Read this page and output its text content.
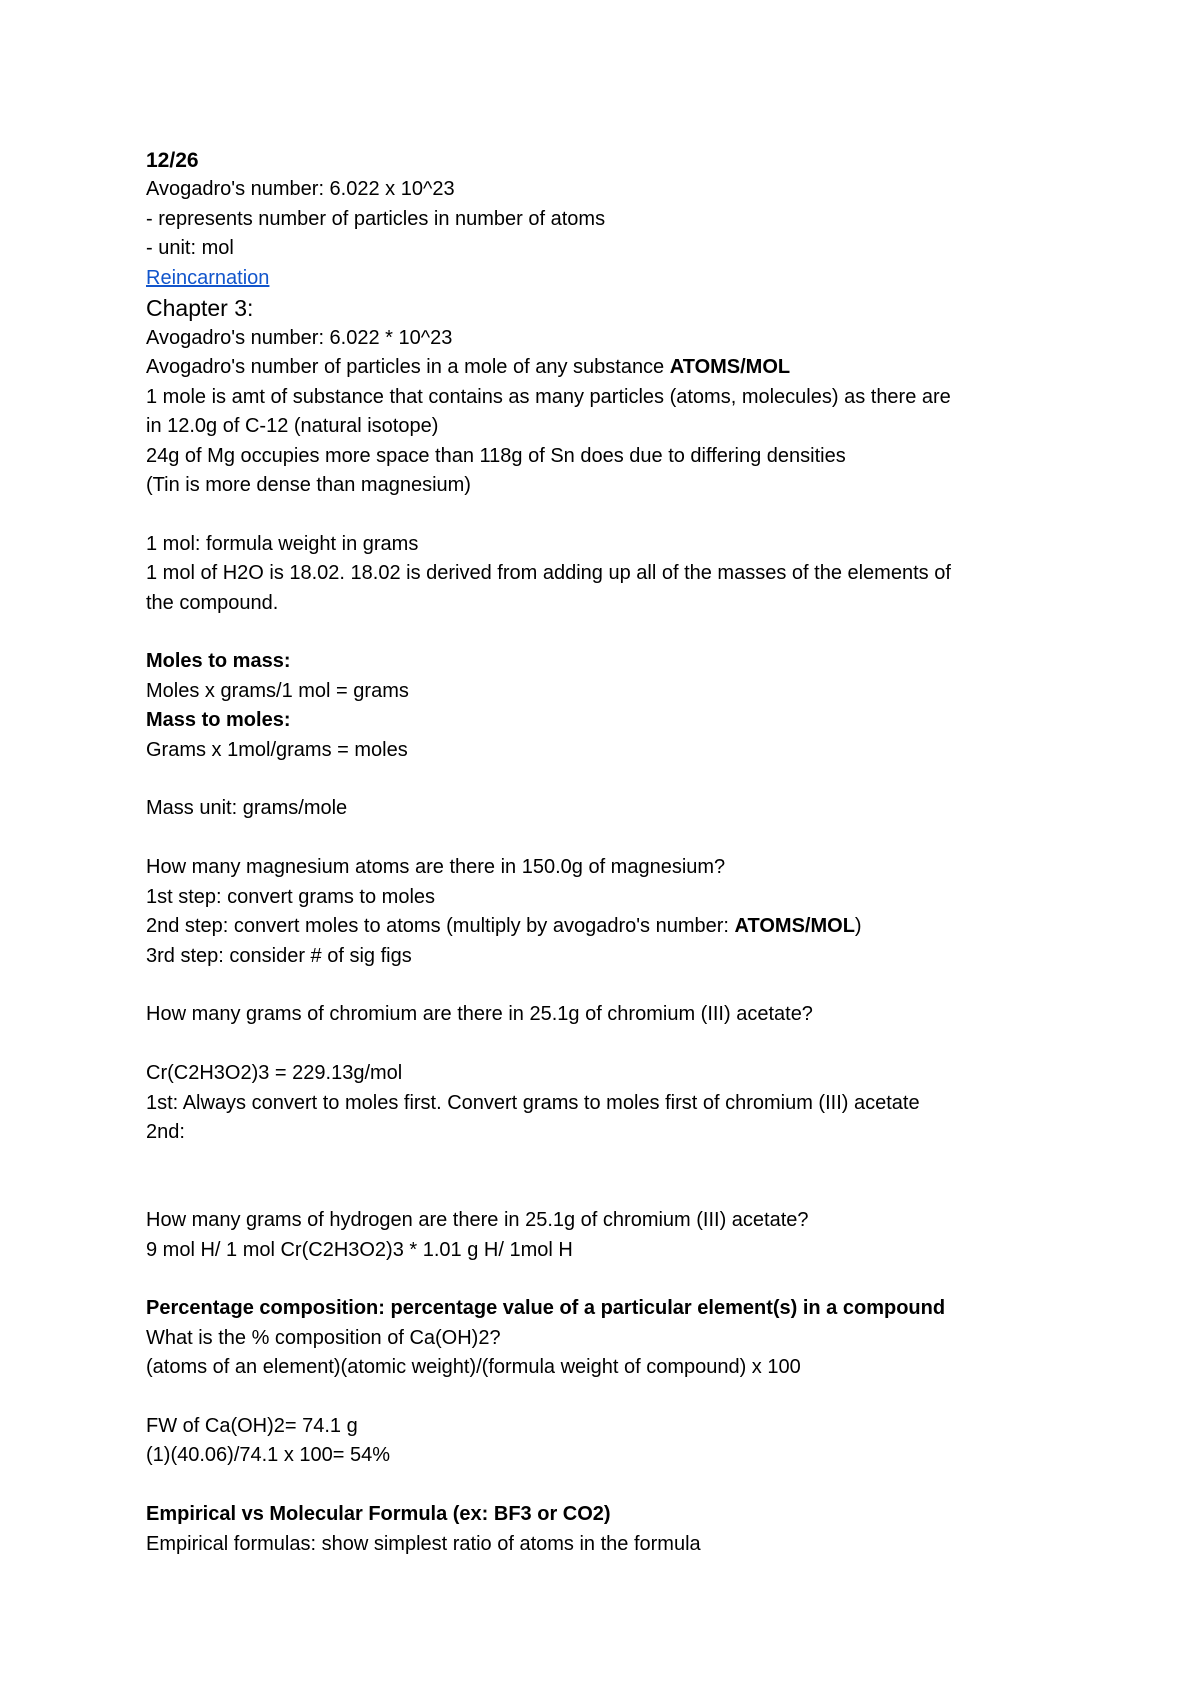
12/26
Avogadro's number: 6.022 x 10^23
- represents number of particles in number of atoms
- unit: mol
Reincarnation
Chapter 3:
Avogadro's number: 6.022 * 10^23
Avogadro's number of particles in a mole of any substance ATOMS/MOL
1 mole is amt of substance that contains as many particles (atoms, molecules) as there are
in 12.0g of C-12 (natural isotope)
24g of Mg occupies more space than 118g of Sn does due to differing densities
(Tin is more dense than magnesium)
1 mol: formula weight in grams
1 mol of H2O is 18.02. 18.02 is derived from adding up all of the masses of the elements of
the compound.
Moles to mass:
Moles x grams/1 mol = grams
Mass to moles:
Grams x 1mol/grams = moles
Mass unit: grams/mole
How many magnesium atoms are there in 150.0g of magnesium?
1st step: convert grams to moles
2nd step: convert moles to atoms (multiply by avogadro's number: ATOMS/MOL)
3rd step: consider # of sig figs
How many grams of chromium are there in 25.1g of chromium (III) acetate?
Cr(C2H3O2)3 = 229.13g/mol
1st: Always convert to moles first. Convert grams to moles first of chromium (III) acetate
2nd:
How many grams of hydrogen are there in 25.1g of chromium (III) acetate?
9 mol H/ 1 mol Cr(C2H3O2)3 * 1.01 g H/ 1mol H
Percentage composition: percentage value of a particular element(s) in a compound
What is the % composition of Ca(OH)2?
(atoms of an element)(atomic weight)/(formula weight of compound) x 100
FW of Ca(OH)2= 74.1 g
(1)(40.06)/74.1 x 100= 54%
Empirical vs Molecular Formula (ex: BF3 or CO2)
Empirical formulas: show simplest ratio of atoms in the formula
